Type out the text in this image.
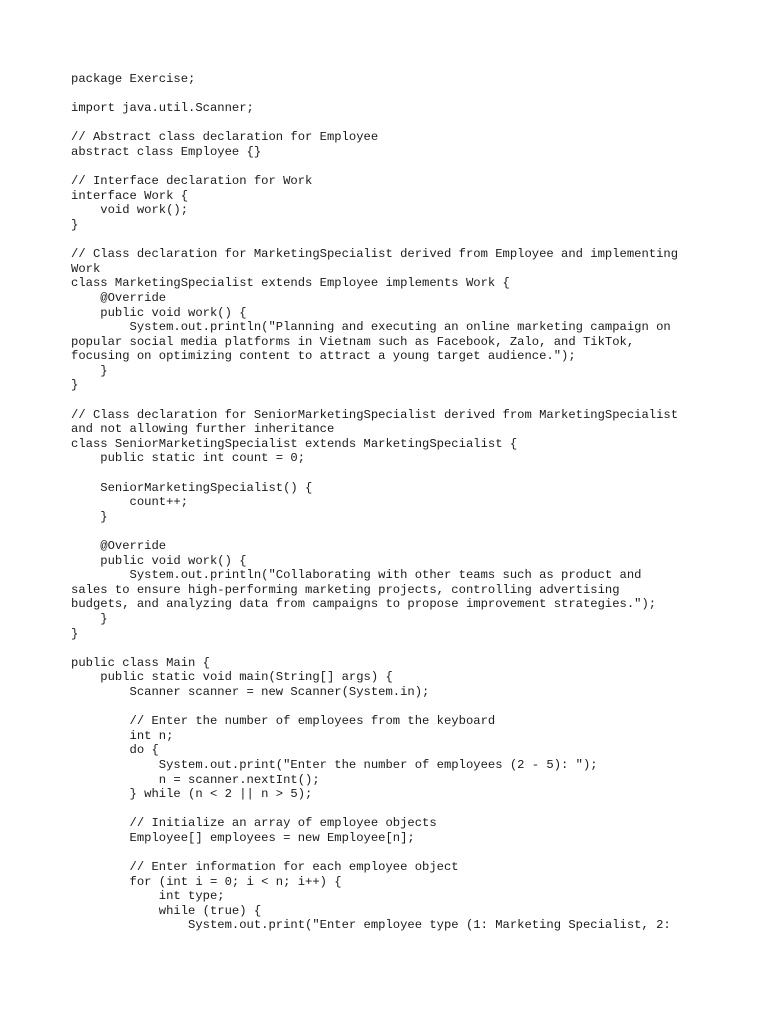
package Exercise;
import java.util.Scanner;
// Abstract class declaration for Employee
abstract class Employee {}
// Interface declaration for Work
interface Work {
void work();
}
// Class declaration for MarketingSpecialist derived from Employee and implementing
Work
class MarketingSpecialist extends Employee implements Work {
@Override
public void work() {
System.out.println("Planning and executing an online marketing campaign on
popular social media platforms in Vietnam such as Facebook, Zalo, and TikTok,
focusing on optimizing content to attract a young target audience.");
}
}
// Class declaration for SeniorMarketingSpecialist derived from MarketingSpecialist
and not allowing further inheritance
class SeniorMarketingSpecialist extends MarketingSpecialist {
public static int count = 0;
SeniorMarketingSpecialist() {
count++;
}
@Override
public void work() {
System.out.println("Collaborating with other teams such as product and
sales to ensure high-performing marketing projects, controlling advertising
budgets, and analyzing data from campaigns to propose improvement strategies.");
}
}
public class Main {
public static void main(String[] args) {
Scanner scanner = new Scanner(System.in);
// Enter the number of employees from the keyboard
int n;
do {
System.out.print("Enter the number of employees (2 - 5): ");
n = scanner.nextInt();
} while (n < 2 || n > 5);
// Initialize an array of employee objects
Employee[] employees = new Employee[n];
// Enter information for each employee object
for (int i = 0; i < n; i++) {
int type;
while (true) {
System.out.print("Enter employee type (1: Marketing Specialist, 2:
